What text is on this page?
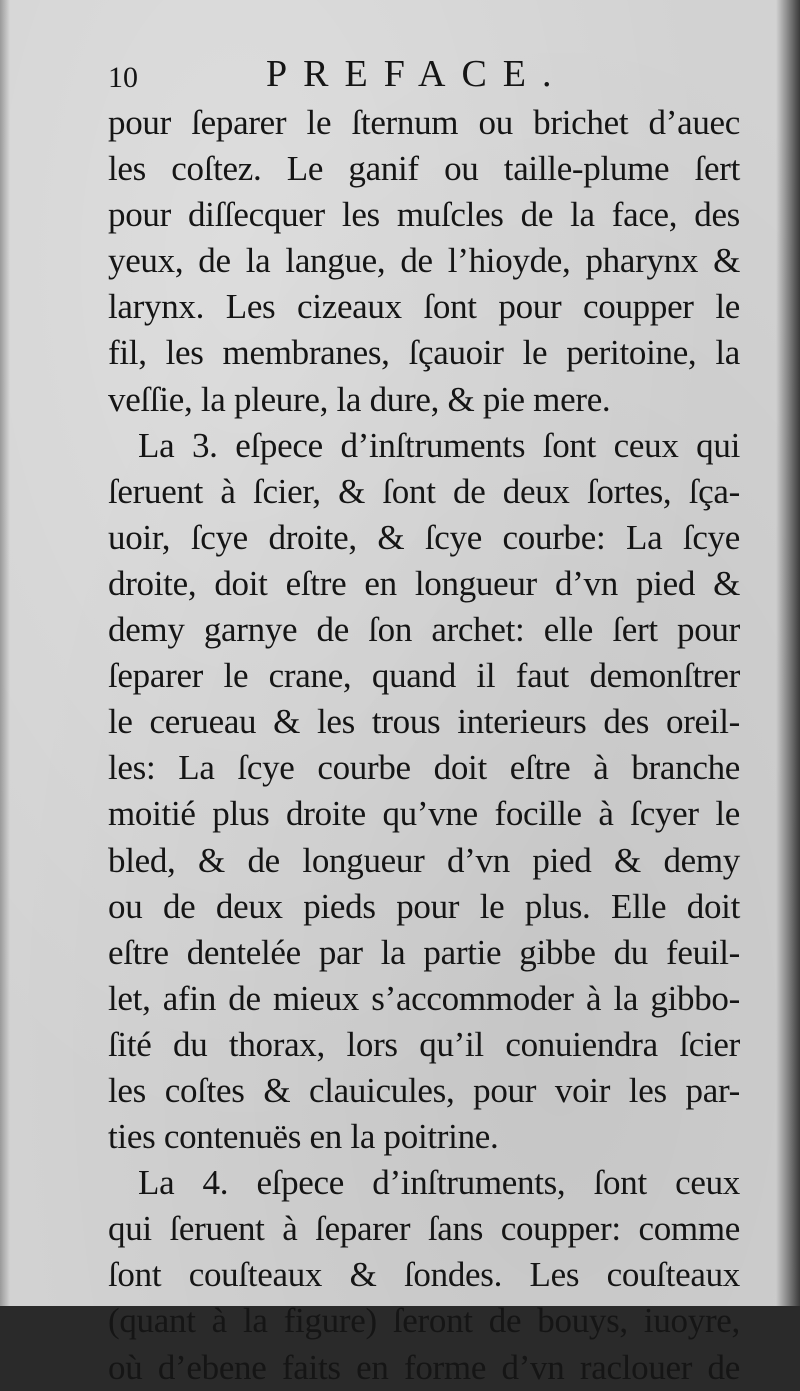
10	PREFACE.
pour ſeparer le ſternum ou brichet d’auec
les coſtez. Le ganif ou taille-plume ſert
pour diſſecquer les muſcles de la face, des
yeux, de la langue, de l’hioyde, pharynx &
larynx. Les cizeaux ſont pour coupper le
fil, les membranes, ſçauoir le peritoine, la
veſſie, la pleure, la dure, & pie mere.
La 3. eſpece d’inſtruments ſont ceux qui
ſeruent à ſcier, & ſont de deux ſortes, ſça-
uoir, ſcye droite, & ſcye courbe: La ſcye
droite, doit eſtre en longueur d’vn pied &
demy garnye de ſon archet: elle ſert pour
ſeparer le crane, quand il faut demonſtrer
le cerueau & les trous interieurs des oreil-
les: La ſcye courbe doit eſtre à branche
moitié plus droite qu’vne focille à ſcyer le
bled, & de longueur d’vn pied & demy
ou de deux pieds pour le plus. Elle doit
eſtre dentelée par la partie gibbe du feuil-
let, afin de mieux s’accommoder à la gibbo-
ſité du thorax, lors qu’il conuiendra ſcier
les coſtes & clauicules, pour voir les par-
ties contenuës en la poitrine.
La 4. eſpece d’inſtruments, ſont ceux
qui ſeruent à ſeparer ſans coupper: comme
ſont couſteaux & ſondes. Les couſteaux
(quant à la figure) ſeront de bouys, iuoyre,
où d’ebene faits en forme d’vn raclouer de
